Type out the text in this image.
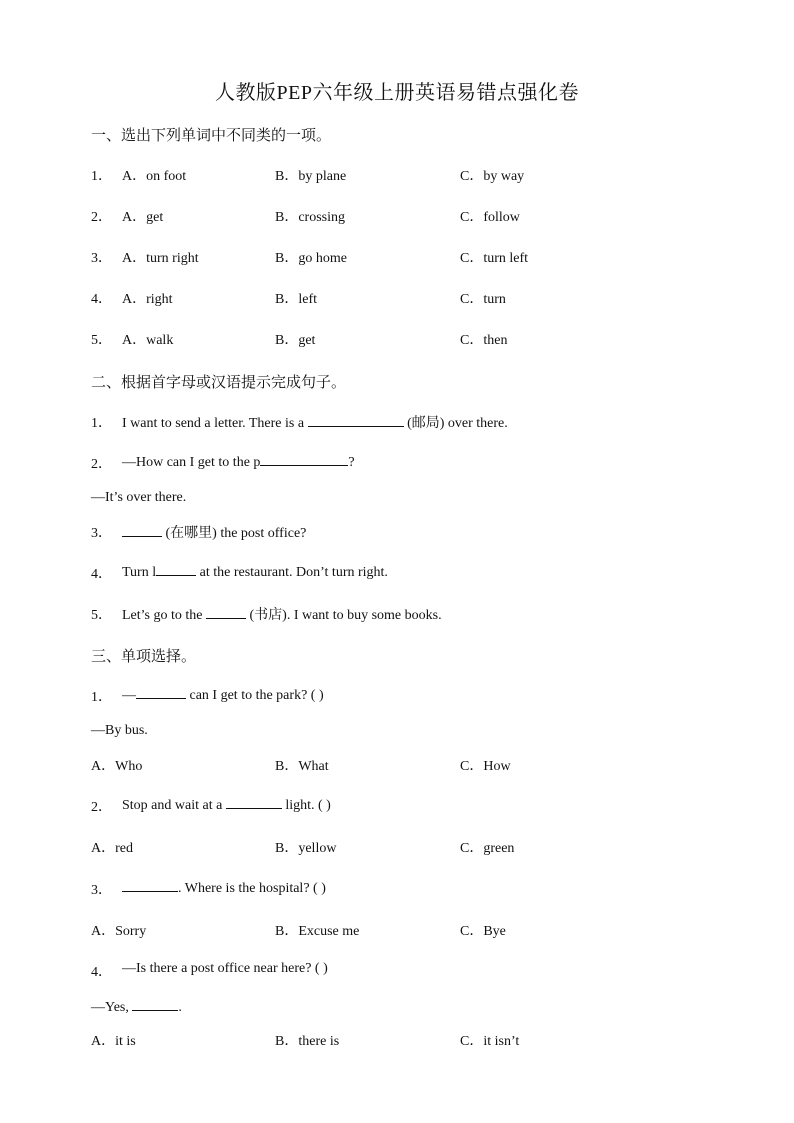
人教版PEP六年级上册英语易错点强化卷
一、选出下列单词中不同类的一项。
1． A．on foot	B．by plane	C．by way
2． A．get	B．crossing	C．follow
3． A．turn right	B．go home	C．turn left
4． A．right	B．left	C．turn
5． A．walk	B．get	C．then
二、根据首字母或汉语提示完成句子。
1． I want to send a letter. There is a	(邮局) over there.
2． —How can I get to the p	?
—It’s over there.
3．	(在哪里) the post office?
4． Turn l	at the restaurant. Don’t turn right.
5． Let’s go to the	(书店). I want to buy some books.
三、单项选择。
1． —	can I get to the park? ( )
—By bus.
A．Who	B．What	C．How
2． Stop and wait at a	light. ( )
A．red	B．yellow	C．green
3．	. Where is the hospital? ( )
A．Sorry	B．Excuse me	C．Bye
4． —Is there a post office near here? ( )
—Yes,	.
A．it is	B．there is	C．it isn’t
